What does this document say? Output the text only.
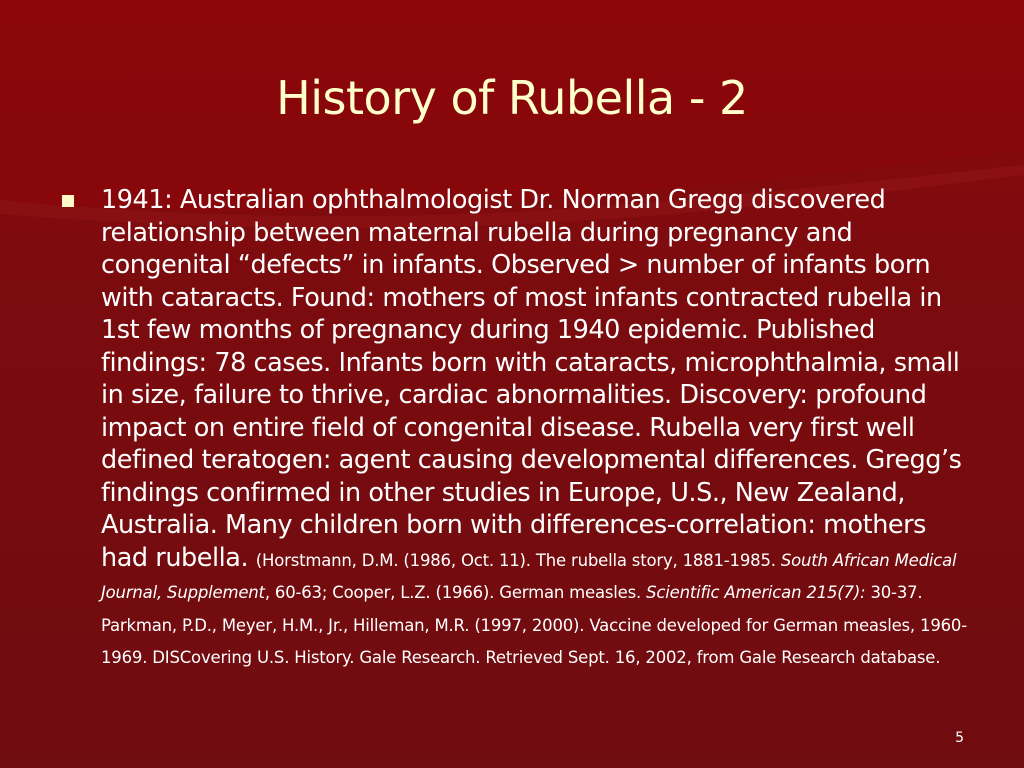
History of Rubella - 2
1941: Australian ophthalmologist Dr. Norman Gregg discovered relationship between maternal rubella during pregnancy and congenital “defects” in infants. Observed > number of infants born with cataracts. Found: mothers of most infants contracted rubella in 1st few months of pregnancy during 1940 epidemic. Published findings: 78 cases. Infants born with cataracts, microphthalmia, small in size, failure to thrive, cardiac abnormalities. Discovery: profound impact on entire field of congenital disease. Rubella very first well defined teratogen: agent causing developmental differences. Gregg’s findings confirmed in other studies in Europe, U.S., New Zealand, Australia. Many children born with differences-correlation: mothers had rubella. (Horstmann, D.M. (1986, Oct. 11). The rubella story, 1881-1985. South African Medical Journal, Supplement, 60-63; Cooper, L.Z. (1966). German measles. Scientific American 215(7): 30-37. Parkman, P.D., Meyer, H.M., Jr., Hilleman, M.R. (1997, 2000). Vaccine developed for German measles, 1960-1969. DISCovering U.S. History. Gale Research. Retrieved Sept. 16, 2002, from Gale Research database.
5
